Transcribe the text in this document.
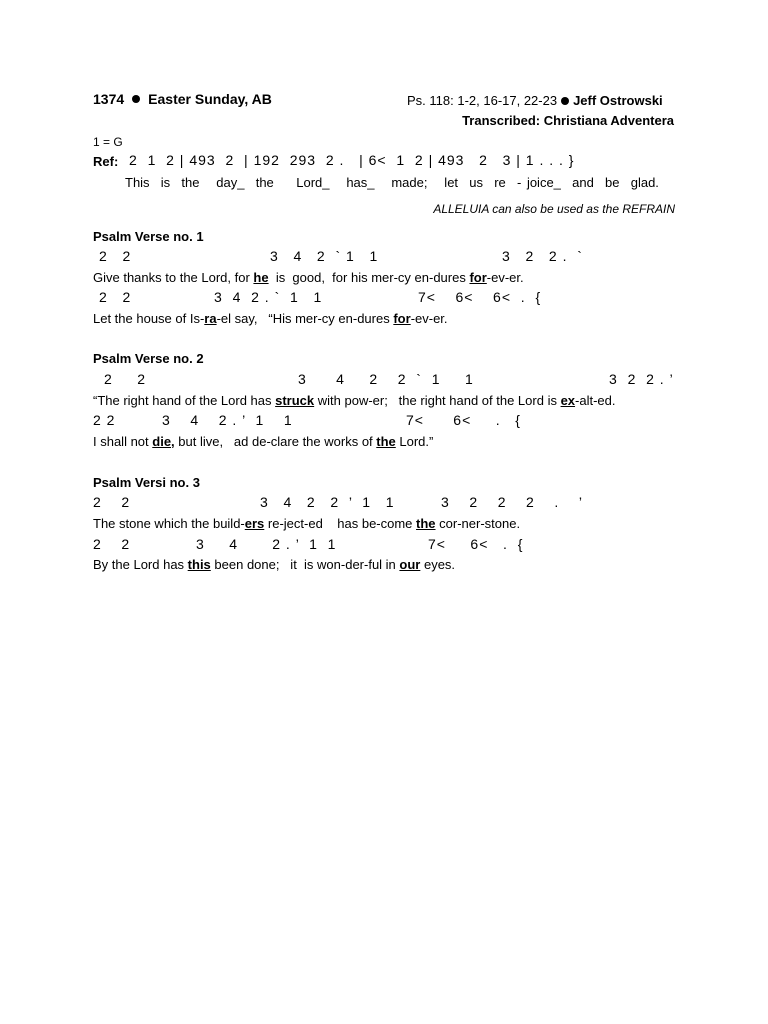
1374 Easter Sunday, AB	Ps. 118: 1-2, 16-17, 22-23 Jeff Ostrowski
Transcribed: Christiana Adventera
1 = G
Ref: 2  1  2 | 493  2  | 192  293  2 .   | 6<  1  2 | 493   2   3 | 1 . . . }
This  is  the   day_  the    Lord_   has_   made;   let  us  re  - joice_  and  be  glad.
ALLELUIA can also be used as the REFRAIN
Psalm Verse no. 1
2   2	3   4   2  ` 1   1	3   2   2 .  `
Give thanks to the Lord, for he  is  good,  for his mer-cy en-dures for-ev-er.
2   2	3  4  2 . `  1   1	7<    6<    6<  .  {
Let the house of Is-ra-el say,   “His mer-cy en-dures for-ev-er.
Psalm Verse no. 2
2     2	3      4     2    2  `  1     1	3  2  2 . ’
“The right hand of the Lord has struck with pow-er;   the right hand of the Lord is ex-alt-ed.
2 2	3    4    2 . ’  1    1	7<      6<     .   {
I shall not die, but live,   ad de-clare the works of the Lord.”
Psalm Versi no. 3
2    2	3   4   2   2  ’  1   1	3    2    2    2    .    ’
The stone which the build-ers re-ject-ed    has be-come the cor-ner-stone.
2    2	3     4       2 . ’  1  1	7<     6<   .  {
By the Lord has this been done;   it  is won-der-ful in our eyes.
